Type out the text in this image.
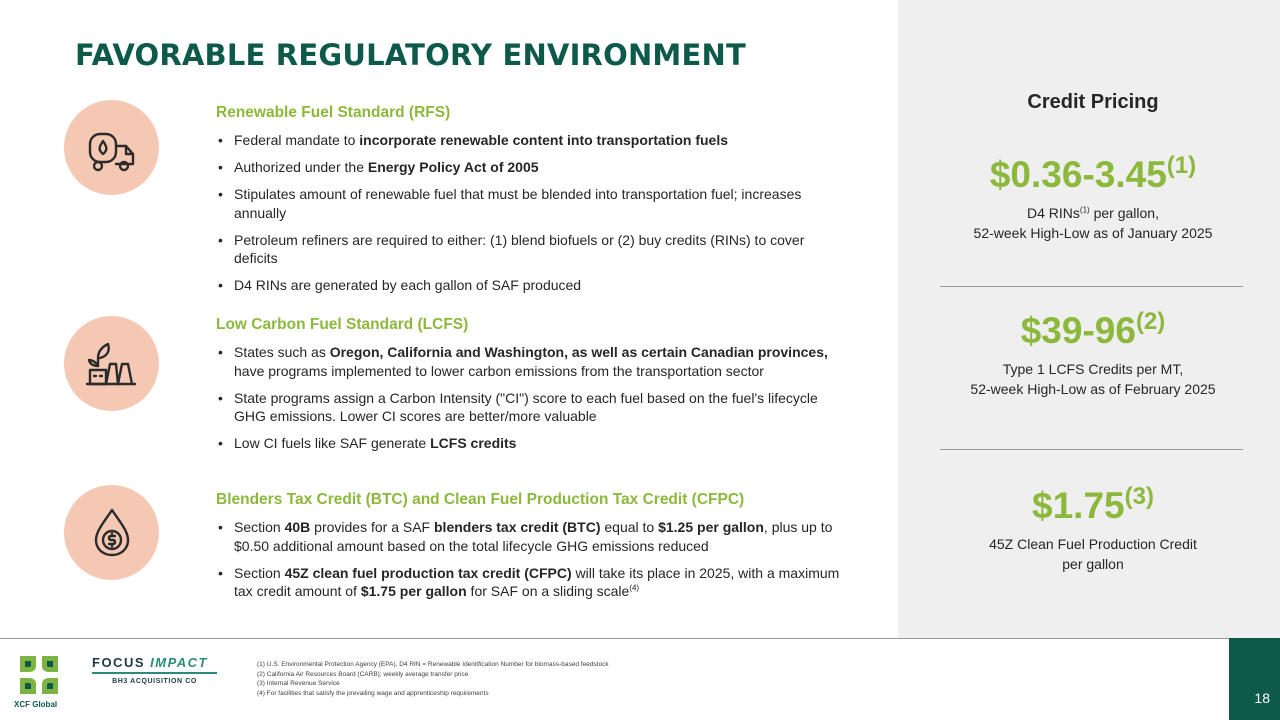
FAVORABLE REGULATORY ENVIRONMENT
Renewable Fuel Standard (RFS)
• Federal mandate to incorporate renewable content into transportation fuels
• Authorized under the Energy Policy Act of 2005
• Stipulates amount of renewable fuel that must be blended into transportation fuel; increases annually
• Petroleum refiners are required to either: (1) blend biofuels or (2) buy credits (RINs) to cover deficits
• D4 RINs are generated by each gallon of SAF produced
Low Carbon Fuel Standard (LCFS)
• States such as Oregon, California and Washington, as well as certain Canadian provinces, have programs implemented to lower carbon emissions from the transportation sector
• State programs assign a Carbon Intensity ("CI") score to each fuel based on the fuel's lifecycle GHG emissions. Lower CI scores are better/more valuable
• Low CI fuels like SAF generate LCFS credits
Blenders Tax Credit (BTC) and Clean Fuel Production Tax Credit (CFPC)
• Section 40B provides for a SAF blenders tax credit (BTC) equal to $1.25 per gallon, plus up to $0.50 additional amount based on the total lifecycle GHG emissions reduced
• Section 45Z clean fuel production tax credit (CFPC) will take its place in 2025, with a maximum tax credit amount of $1.75 per gallon for SAF on a sliding scale$^{(4)}$
Credit Pricing
$0.36-3.45$^{(1)}$
D4 RINs$^{(1)}$ per gallon,
52-week High-Low as of January 2025
$39-96$^{(2)}$
Type 1 LCFS Credits per MT,
52-week High-Low as of February 2025
$1.75$^{(3)}$
45Z Clean Fuel Production Credit
per gallon
XCF Global
FOCUS IMPACT
BH3 ACQUISITION CO
(1) U.S. Environmental Protection Agency (EPA), D4 RIN = Renewable Identification Number for biomass-based feedstock
(2) California Air Resources Board (CARB); weekly average transfer price
(3) Internal Revenue Service
(4) For facilities that satisfy the prevailing wage and apprenticeship requirements	18
